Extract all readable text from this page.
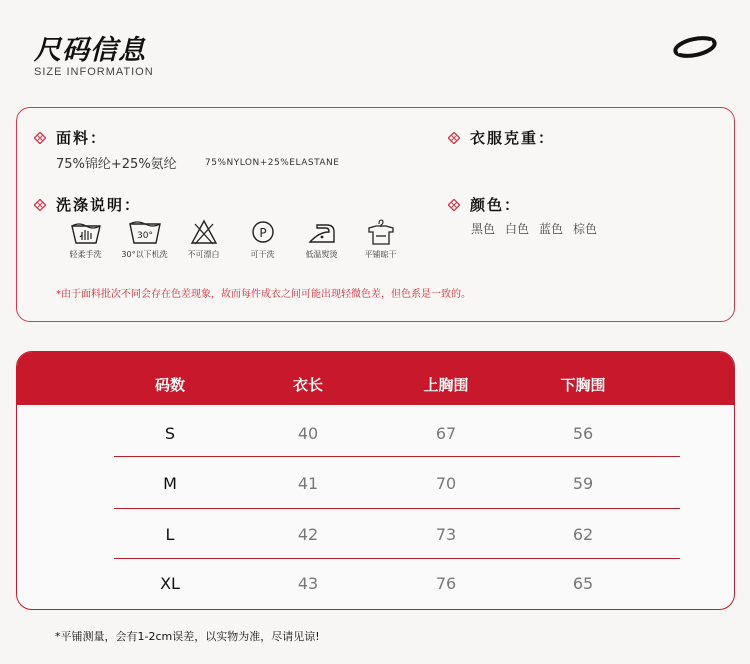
尺码信息
SIZE INFORMATION
面料：
75%锦纶+25%氨纶	75%NYLON+25%ELASTANE
衣服克重：
洗涤说明：
轻柔手洗
30°
30°以下机洗 不可漂白
P
可干洗	低温熨烫	平铺晾干
颜色：
黑色 白色 蓝色 棕色
*由于面料批次不同会存在色差现象，故而每件成衣之间可能出现轻微色差，但色系是一致的。
码数	衣长	上胸围	下胸围
S	40	67	56
M	41	70	59
L	42	73	62
XL	43	76	65
*平铺测量，会有1-2cm误差，以实物为准，尽请见谅!
